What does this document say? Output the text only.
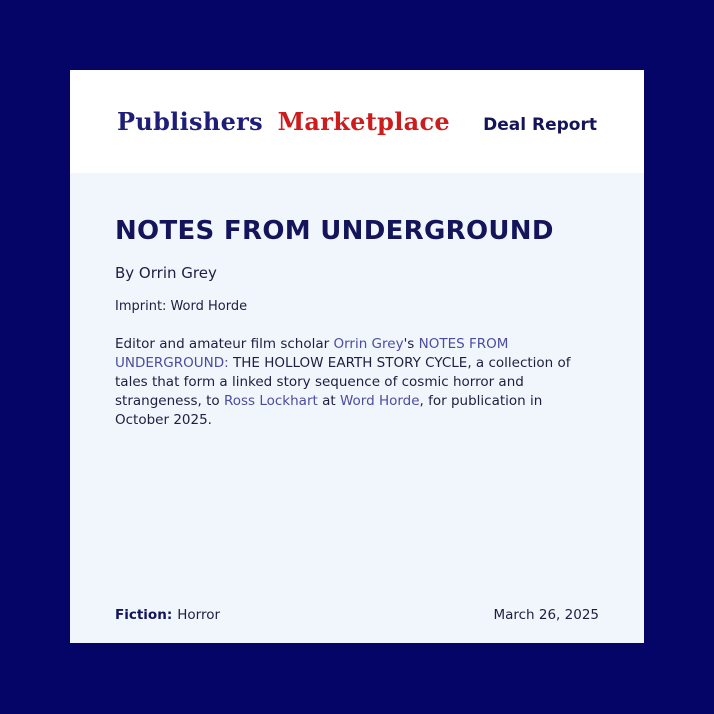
Publishers Marketplace Deal Report
NOTES FROM UNDERGROUND
By Orrin Grey
Imprint: Word Horde

Editor and amateur film scholar Orrin Grey's NOTES FROM UNDERGROUND: THE HOLLOW EARTH STORY CYCLE, a collection of tales that form a linked story sequence of cosmic horror and strangeness, to Ross Lockhart at Word Horde, for publication in October 2025.

Fiction: Horror	March 26, 2025
